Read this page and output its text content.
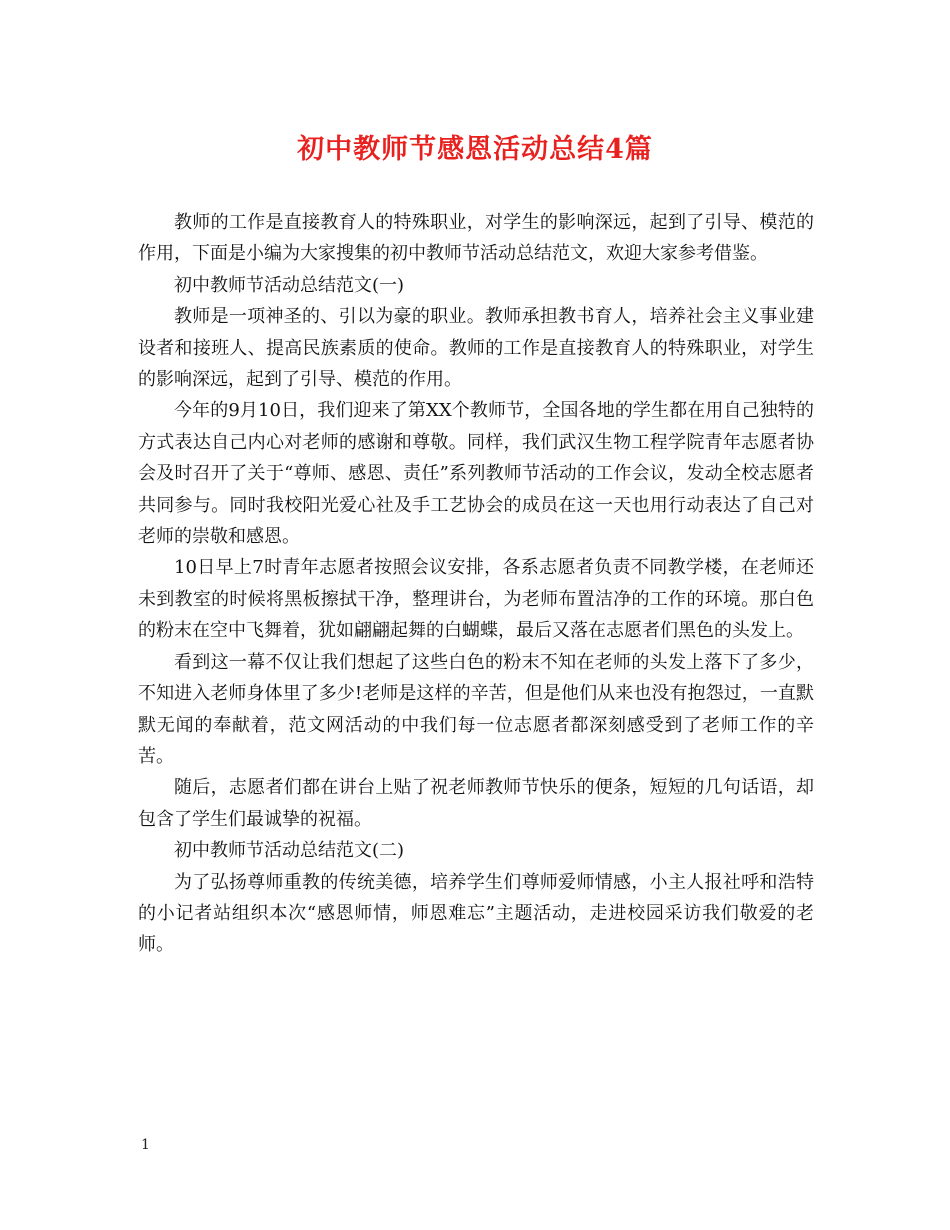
初中教师节感恩活动总结4篇

教师的工作是直接教育人的特殊职业，对学生的影响深远，起到了引导、模范的作用，下面是小编为大家搜集的初中教师节活动总结范文，欢迎大家参考借鉴。

初中教师节活动总结范文(一)

教师是一项神圣的、引以为豪的职业。教师承担教书育人，培养社会主义事业建设者和接班人、提高民族素质的使命。教师的工作是直接教育人的特殊职业，对学生的影响深远，起到了引导、模范的作用。

今年的9月10日，我们迎来了第XX个教师节，全国各地的学生都在用自己独特的方式表达自己内心对老师的感谢和尊敬。同样，我们武汉生物工程学院青年志愿者协会及时召开了关于“尊师、感恩、责任”系列教师节活动的工作会议，发动全校志愿者共同参与。同时我校阳光爱心社及手工艺协会的成员在这一天也用行动表达了自己对老师的崇敬和感恩。

10日早上7时青年志愿者按照会议安排，各系志愿者负责不同教学楼，在老师还未到教室的时候将黑板擦拭干净，整理讲台，为老师布置洁净的工作的环境。那白色的粉末在空中飞舞着，犹如翩翩起舞的白蝴蝶，最后又落在志愿者们黑色的头发上。

看到这一幕不仅让我们想起了这些白色的粉末不知在老师的头发上落下了多少，不知进入老师身体里了多少!老师是这样的辛苦，但是他们从来也没有抱怨过，一直默默无闻的奉献着，范文网活动的中我们每一位志愿者都深刻感受到了老师工作的辛苦。

随后，志愿者们都在讲台上贴了祝老师教师节快乐的便条，短短的几句话语，却包含了学生们最诚挚的祝福。

初中教师节活动总结范文(二)

为了弘扬尊师重教的传统美德，培养学生们尊师爱师情感，小主人报社呼和浩特的小记者站组织本次“感恩师情，师恩难忘”主题活动，走进校园采访我们敬爱的老师。

1
